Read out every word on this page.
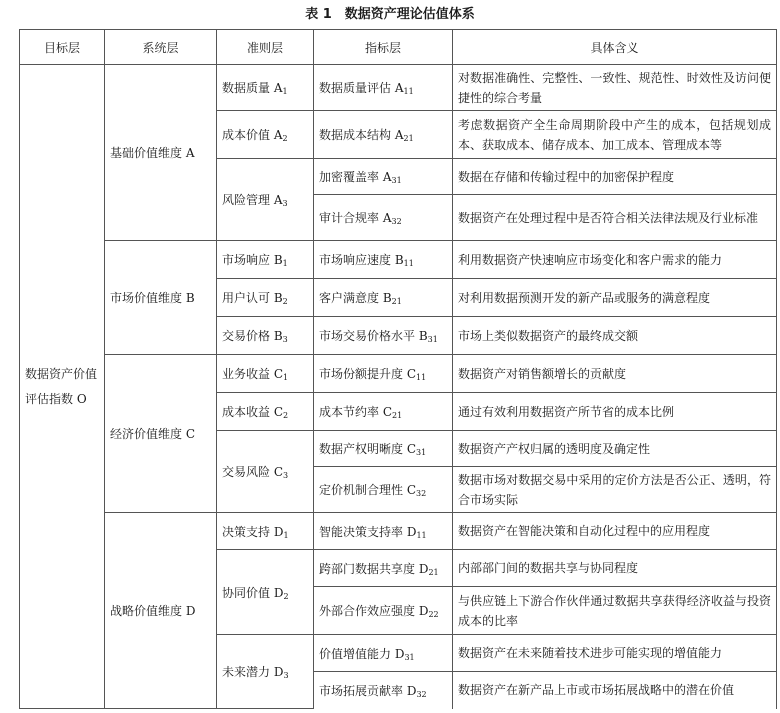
表 1　数据资产理论估值体系
目标层	系统层	准则层	指标层	具体含义
数据资产价值评估指数 O	基础价值维度 A	数据质量 $A_1$	数据质量评估 $A_{11}$	对数据准确性、完整性、一致性、规范性、时效性及访问便捷性的综合考量
		成本价值 $A_2$	数据成本结构 $A_{21}$	考虑数据资产全生命周期阶段中产生的成本，包括规划成本、获取成本、储存成本、加工成本、管理成本等
		风险管理 $A_3$	加密覆盖率 $A_{31}$	数据在存储和传输过程中的加密保护程度
			审计合规率 $A_{32}$	数据资产在处理过程中是否符合相关法律法规及行业标准
	市场价值维度 B	市场响应 $B_1$	市场响应速度 $B_{11}$	利用数据资产快速响应市场变化和客户需求的能力
		用户认可 $B_2$	客户满意度 $B_{21}$	对利用数据预测开发的新产品或服务的满意程度
		交易价格 $B_3$	市场交易价格水平 $B_{31}$	市场上类似数据资产的最终成交额
	经济价值维度 C	业务收益 $C_1$	市场份额提升度 $C_{11}$	数据资产对销售额增长的贡献度
		成本收益 $C_2$	成本节约率 $C_{21}$	通过有效利用数据资产所节省的成本比例
		交易风险 $C_3$	数据产权明晰度 $C_{31}$	数据资产产权归属的透明度及确定性
			定价机制合理性 $C_{32}$	数据市场对数据交易中采用的定价方法是否公正、透明，符合市场实际
	战略价值维度 D	决策支持 $D_1$	智能决策支持率 $D_{11}$	数据资产在智能决策和自动化过程中的应用程度
		协同价值 $D_2$	跨部门数据共享度 $D_{21}$	内部部门间的数据共享与协同程度
			外部合作效应强度 $D_{22}$	与供应链上下游合作伙伴通过数据共享获得经济收益与投资成本的比率
		未来潜力 $D_3$	价值增值能力 $D_{31}$	数据资产在未来随着技术进步可能实现的增值能力
			市场拓展贡献率 $D_{32}$	数据资产在新产品上市或市场拓展战略中的潜在价值
